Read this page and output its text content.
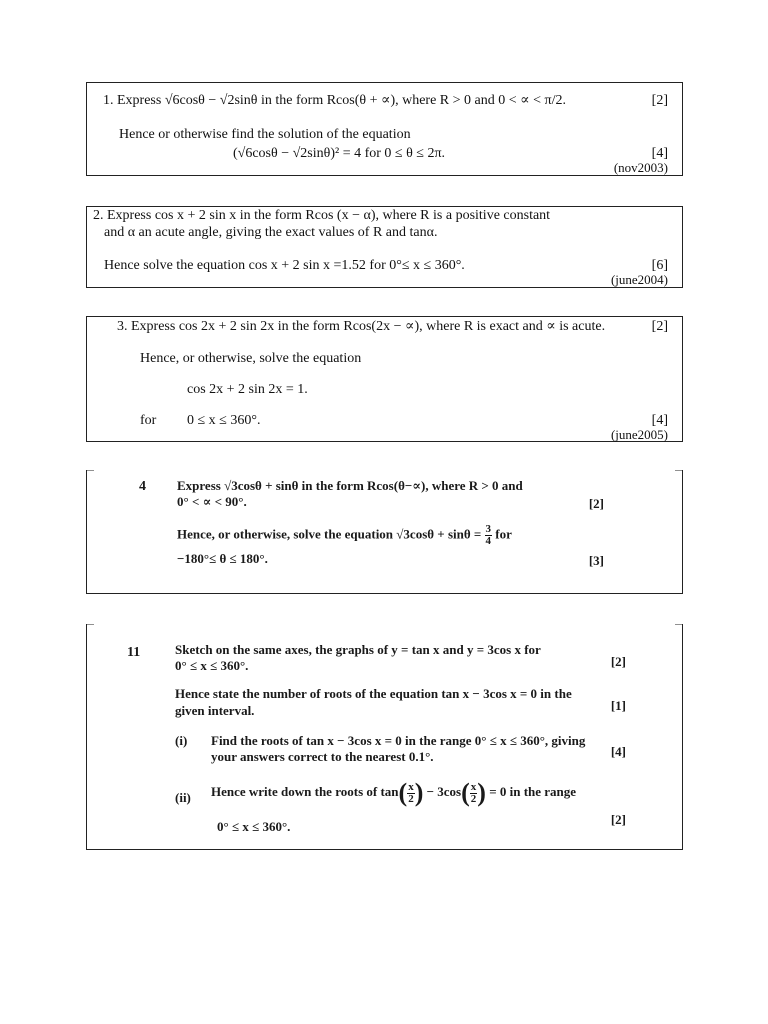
1. Express √6cosθ − √2sinθ in the form Rcos(θ + ∝), where R > 0 and 0 < ∝ < π/2.	[2]
Hence or otherwise find the solution of the equation
(√6cosθ − √2sinθ)² = 4 for 0 ≤ θ ≤ 2π.	[4]
(nov2003)
2. Express cos x + 2 sin x in the form Rcos (x − α), where R is a positive constant
and α an acute angle, giving the exact values of R and tanα.
Hence solve the equation cos x + 2 sin x =1.52 for 0°≤ x ≤ 360°.	[6]
(june2004)
3. Express cos 2x + 2 sin 2x in the form Rcos(2x − ∝), where R is exact and ∝ is acute.	[2]
Hence, or otherwise, solve the equation
cos 2x + 2 sin 2x = 1.
for 0 ≤ x ≤ 360°.	[4]
(june2005)
4 Express √3cosθ + sinθ in the form Rcos(θ−∝), where R > 0 and
0° < ∝ < 90°.	[2]
Hence, or otherwise, solve the equation $√3\cos\theta + \sin\theta = \frac{3}{4}$ for
−180°≤ θ ≤ 180°.	[3]
11	Sketch on the same axes, the graphs of y = tan x and y = 3cos x for
0° ≤ x ≤ 360°.	[2]
Hence state the number of roots of the equation tan x − 3cos x = 0 in the
given interval.	[1]
(i) Find the roots of tan x − 3cos x = 0 in the range 0° ≤ x ≤ 360°, giving
your answers correct to the nearest 0.1°.	[4]
(ii) Hence write down the roots of $\tan( \frac{x}{2}$ ) − $3\cos( \frac{x}{2}$ ) = 0 in the range
0° ≤ x ≤ 360°.	[2]
